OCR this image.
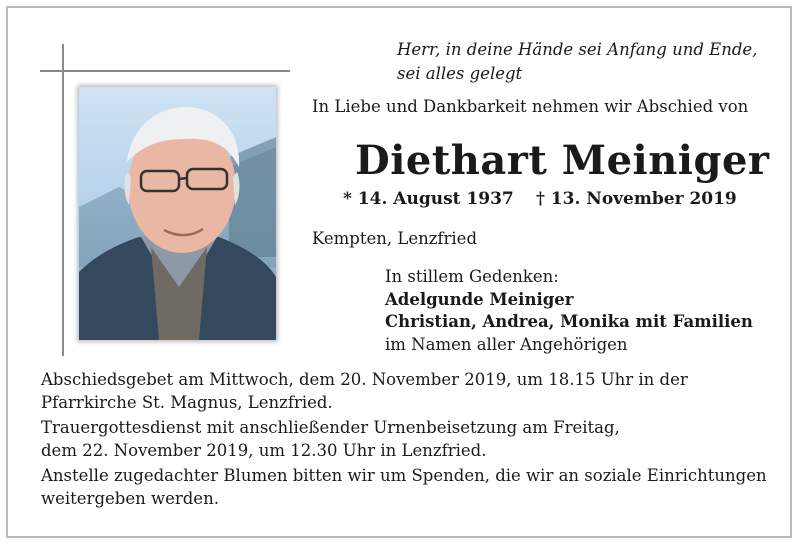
Herr, in deine Hände sei Anfang und Ende,
sei alles gelegt
In Liebe und Dankbarkeit nehmen wir Abschied von
Diethart Meiniger
* 14. August 1937 † 13. November 2019
Kempten, Lenzfried
In stillem Gedenken:
Adelgunde Meiniger
Christian, Andrea, Monika mit Familien
im Namen aller Angehörigen
Abschiedsgebet am Mittwoch, dem 20. November 2019, um 18.15 Uhr in der
Pfarrkirche St. Magnus, Lenzfried.
Trauergottesdienst mit anschließender Urnenbeisetzung am Freitag,
dem 22. November 2019, um 12.30 Uhr in Lenzfried.
Anstelle zugedachter Blumen bitten wir um Spenden, die wir an soziale Einrichtungen
weitergeben werden.
